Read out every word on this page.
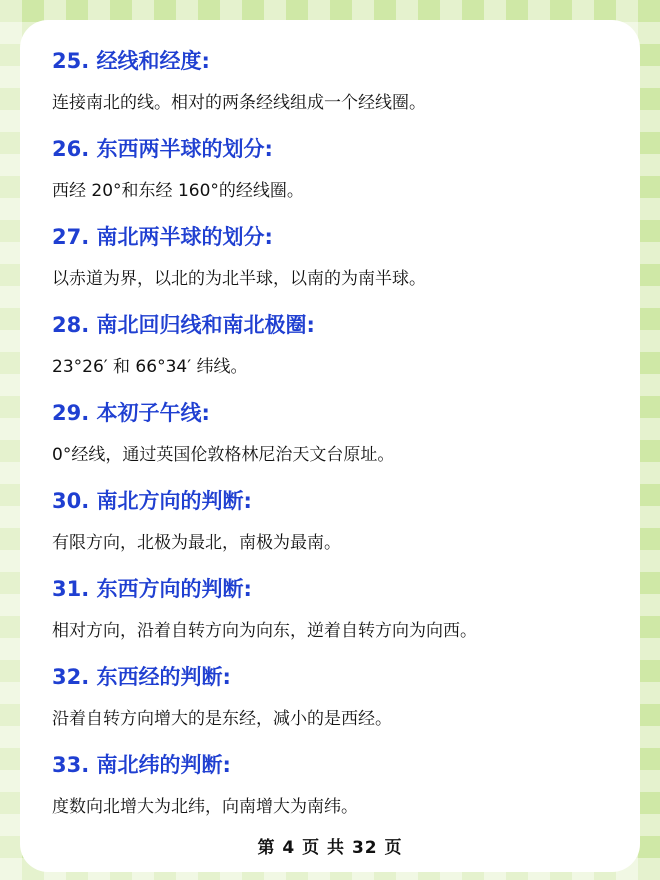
25. 经线和经度:

连接南北的线。相对的两条经线组成一个经线圈。

26. 东西两半球的划分:

西经 20°和东经 160°的经线圈。

27. 南北两半球的划分:

以赤道为界，以北的为北半球，以南的为南半球。

28. 南北回归线和南北极圈:

23°26′ 和 66°34′ 纬线。

29. 本初子午线:

0°经线，通过英国伦敦格林尼治天文台原址。

30. 南北方向的判断:

有限方向，北极为最北，南极为最南。

31. 东西方向的判断:

相对方向，沿着自转方向为向东，逆着自转方向为向西。

32. 东西经的判断:

沿着自转方向增大的是东经，减小的是西经。

33. 南北纬的判断:

度数向北增大为北纬，向南增大为南纬。

第 4 页 共 32 页
